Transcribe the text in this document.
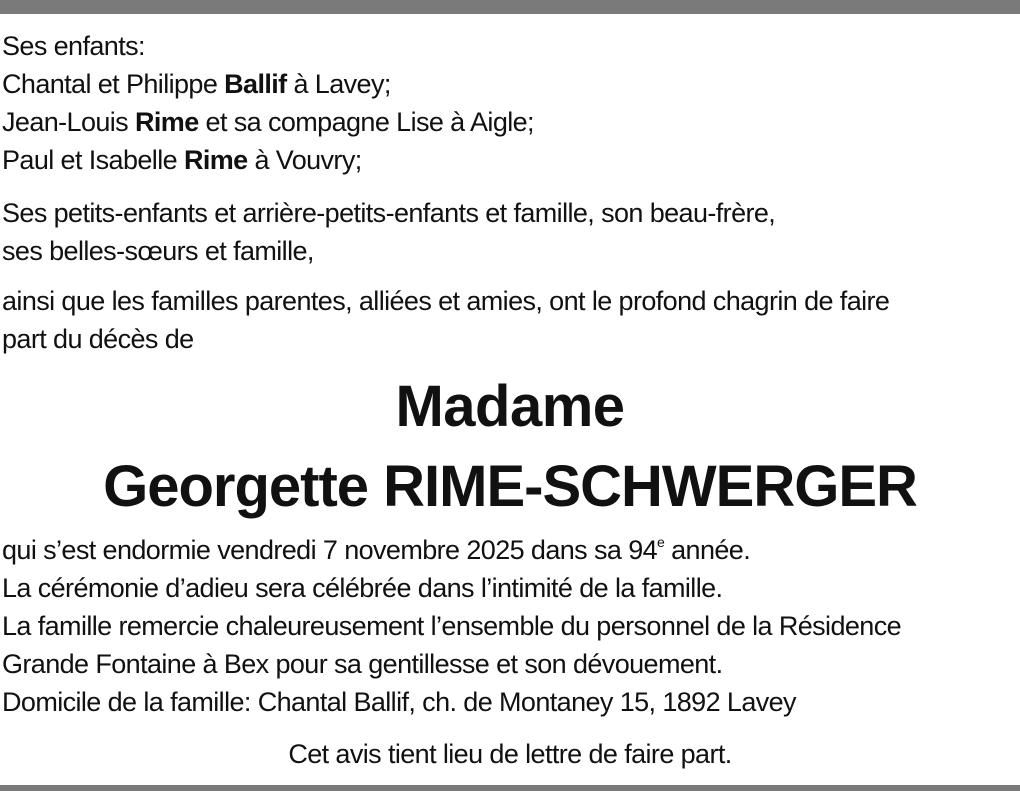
Ses enfants:
Chantal et Philippe Ballif à Lavey;
Jean-Louis Rime et sa compagne Lise à Aigle;
Paul et Isabelle Rime à Vouvry;
Ses petits-enfants et arrière-petits-enfants et famille, son beau-frère,
ses belles-sœurs et famille,
ainsi que les familles parentes, alliées et amies, ont le profond chagrin de faire
part du décès de
Madame
Georgette RIME-SCHWERGER
qui s’est endormie vendredi 7 novembre 2025 dans sa 94e année.
La cérémonie d’adieu sera célébrée dans l’intimité de la famille.
La famille remercie chaleureusement l’ensemble du personnel de la Résidence
Grande Fontaine à Bex pour sa gentillesse et son dévouement.
Domicile de la famille: Chantal Ballif, ch. de Montaney 15, 1892 Lavey
Cet avis tient lieu de lettre de faire part.
